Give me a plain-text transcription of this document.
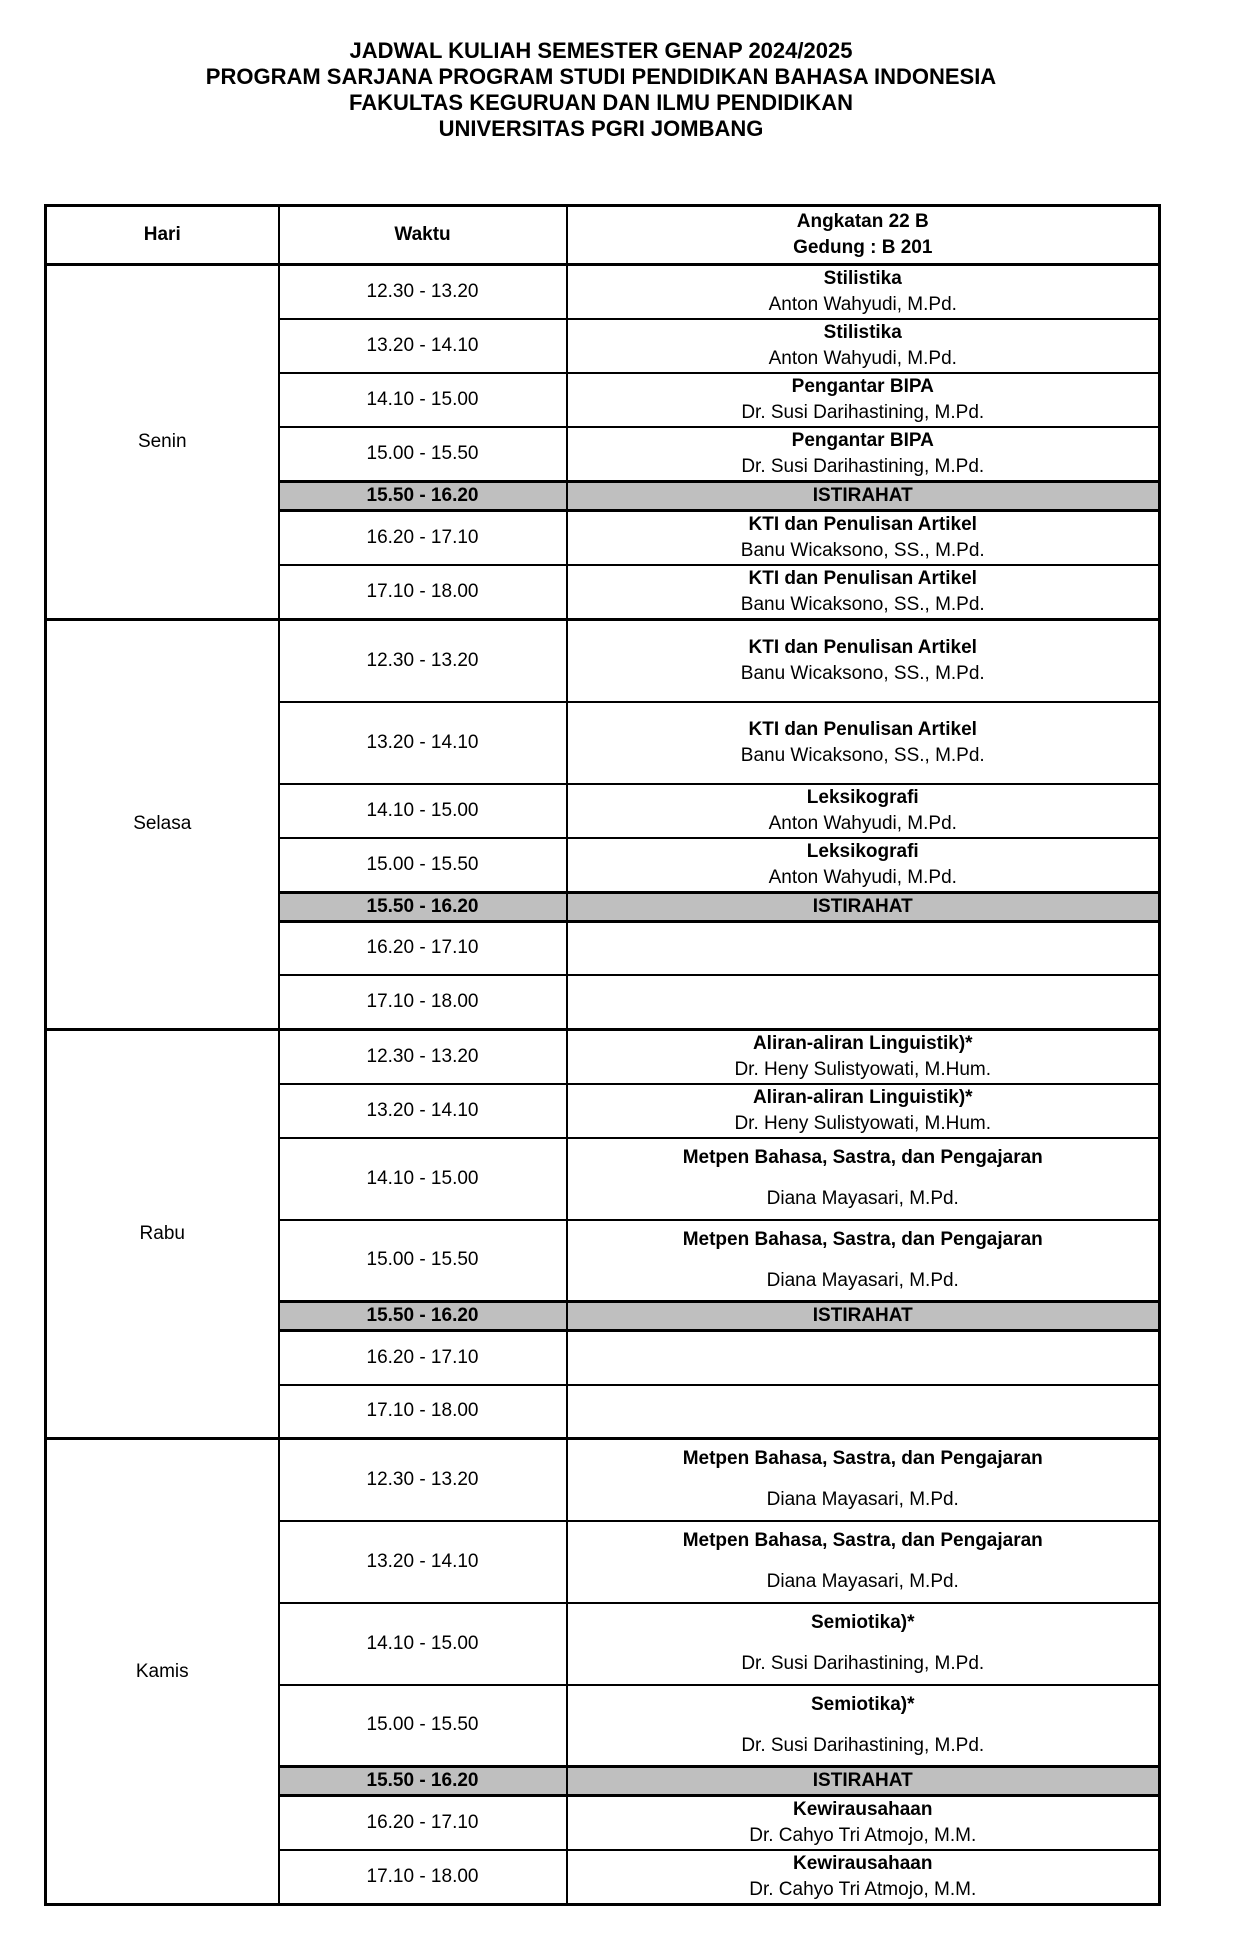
JADWAL KULIAH SEMESTER GENAP 2024/2025
PROGRAM SARJANA PROGRAM STUDI PENDIDIKAN BAHASA INDONESIA
FAKULTAS KEGURUAN DAN ILMU PENDIDIKAN
UNIVERSITAS PGRI JOMBANG
Hari	Waktu	Angkatan 22 B
Gedung : B 201

Senin	12.30 - 13.20	Stilistika
Anton Wahyudi, M.Pd.

	13.20 - 14.10	Stilistika
Anton Wahyudi, M.Pd.

	14.10 - 15.00	Pengantar BIPA
Dr. Susi Darihastining, M.Pd.

	15.00 - 15.50	Pengantar BIPA
Dr. Susi Darihastining, M.Pd.

	15.50 - 16.20	ISTIRAHAT
	16.20 - 17.10	KTI dan Penulisan Artikel
Banu Wicaksono, SS., M.Pd.

	17.10 - 18.00	KTI dan Penulisan Artikel
Banu Wicaksono, SS., M.Pd.

Selasa	12.30 - 13.20	KTI dan Penulisan Artikel
Banu Wicaksono, SS., M.Pd.

	13.20 - 14.10	KTI dan Penulisan Artikel
Banu Wicaksono, SS., M.Pd.

	14.10 - 15.00	Leksikografi
Anton Wahyudi, M.Pd.

	15.00 - 15.50	Leksikografi
Anton Wahyudi, M.Pd.

	15.50 - 16.20	ISTIRAHAT
	16.20 - 17.10	
	17.10 - 18.00	
Rabu	12.30 - 13.20	Aliran-aliran Linguistik)*
Dr. Heny Sulistyowati, M.Hum.

	13.20 - 14.10	Aliran-aliran Linguistik)*
Dr. Heny Sulistyowati, M.Hum.

	14.10 - 15.00	Metpen Bahasa, Sastra, dan Pengajaran
Diana Mayasari, M.Pd.

	15.00 - 15.50	Metpen Bahasa, Sastra, dan Pengajaran
Diana Mayasari, M.Pd.

	15.50 - 16.20	ISTIRAHAT
	16.20 - 17.10	
	17.10 - 18.00	
Kamis	12.30 - 13.20	Metpen Bahasa, Sastra, dan Pengajaran
Diana Mayasari, M.Pd.

	13.20 - 14.10	Metpen Bahasa, Sastra, dan Pengajaran
Diana Mayasari, M.Pd.

	14.10 - 15.00	Semiotika)*
Dr. Susi Darihastining, M.Pd.

	15.00 - 15.50	Semiotika)*
Dr. Susi Darihastining, M.Pd.

	15.50 - 16.20	ISTIRAHAT
	16.20 - 17.10	Kewirausahaan
Dr. Cahyo Tri Atmojo, M.M.

	17.10 - 18.00	Kewirausahaan
Dr. Cahyo Tri Atmojo, M.M.
